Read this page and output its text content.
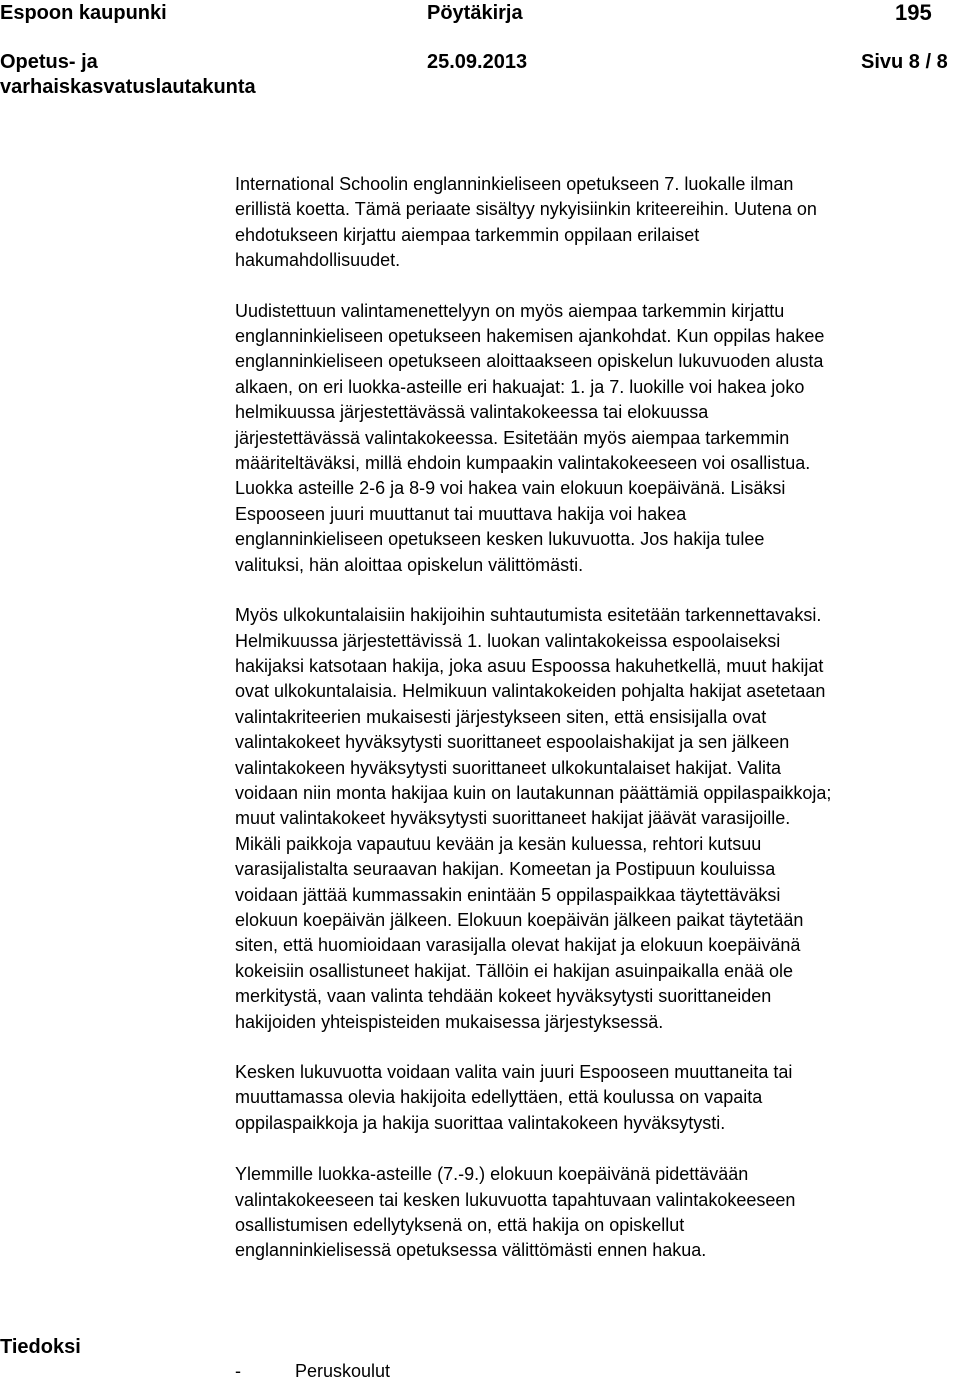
Espoon kaupunki	Pöytäkirja	195
Opetus- ja
varhaiskasvatuslautakunta
25.09.2013	Sivu 8 / 8

International Schoolin englanninkieliseen opetukseen 7. luokalle ilman
erillistä koetta. Tämä periaate sisältyy nykyisiinkin kriteereihin. Uutena on
ehdotukseen kirjattu aiempaa tarkemmin oppilaan erilaiset
hakumahdollisuudet.

Uudistettuun valintamenettelyyn on myös aiempaa tarkemmin kirjattu
englanninkieliseen opetukseen hakemisen ajankohdat. Kun oppilas hakee
englanninkieliseen opetukseen aloittaakseen opiskelun lukuvuoden alusta
alkaen, on eri luokka-asteille eri hakuajat: 1. ja 7. luokille voi hakea joko
helmikuussa järjestettävässä valintakokeessa tai elokuussa
järjestettävässä valintakokeessa. Esitetään myös aiempaa tarkemmin
määriteltäväksi, millä ehdoin kumpaakin valintakokeeseen voi osallistua.
Luokka asteille 2-6 ja 8-9 voi hakea vain elokuun koepäivänä. Lisäksi
Espooseen juuri muuttanut tai muuttava hakija voi hakea
englanninkieliseen opetukseen kesken lukuvuotta. Jos hakija tulee
valituksi, hän aloittaa opiskelun välittömästi.

Myös ulkokuntalaisiin hakijoihin suhtautumista esitetään tarkennettavaksi.
Helmikuussa järjestettävissä 1. luokan valintakokeissa espoolaiseksi
hakijaksi katsotaan hakija, joka asuu Espoossa hakuhetkellä, muut hakijat
ovat ulkokuntalaisia. Helmikuun valintakokeiden pohjalta hakijat asetetaan
valintakriteerien mukaisesti järjestykseen siten, että ensisijalla ovat
valintakokeet hyväksytysti suorittaneet espoolaishakijat ja sen jälkeen
valintakokeen hyväksytysti suorittaneet ulkokuntalaiset hakijat. Valita
voidaan niin monta hakijaa kuin on lautakunnan päättämiä oppilaspaikkoja;
muut valintakokeet hyväksytysti suorittaneet hakijat jäävät varasijoille.
Mikäli paikkoja vapautuu kevään ja kesän kuluessa, rehtori kutsuu
varasijalistalta seuraavan hakijan. Komeetan ja Postipuun kouluissa
voidaan jättää kummassakin enintään 5 oppilaspaikkaa täytettäväksi
elokuun koepäivän jälkeen. Elokuun koepäivän jälkeen paikat täytetään
siten, että huomioidaan varasijalla olevat hakijat ja elokuun koepäivänä
kokeisiin osallistuneet hakijat. Tällöin ei hakijan asuinpaikalla enää ole
merkitystä, vaan valinta tehdään kokeet hyväksytysti suorittaneiden
hakijoiden yhteispisteiden mukaisessa järjestyksessä.

Kesken lukuvuotta voidaan valita vain juuri Espooseen muuttaneita tai
muuttamassa olevia hakijoita edellyttäen, että koulussa on vapaita
oppilaspaikkoja ja hakija suorittaa valintakokeen hyväksytysti.

Ylemmille luokka-asteille (7.-9.) elokuun koepäivänä pidettävään
valintakokeeseen tai kesken lukuvuotta tapahtuvaan valintakokeeseen
osallistumisen edellytyksenä on, että hakija on opiskellut
englanninkielisessä opetuksessa välittömästi ennen hakua.

Tiedoksi
-	Peruskoulut
